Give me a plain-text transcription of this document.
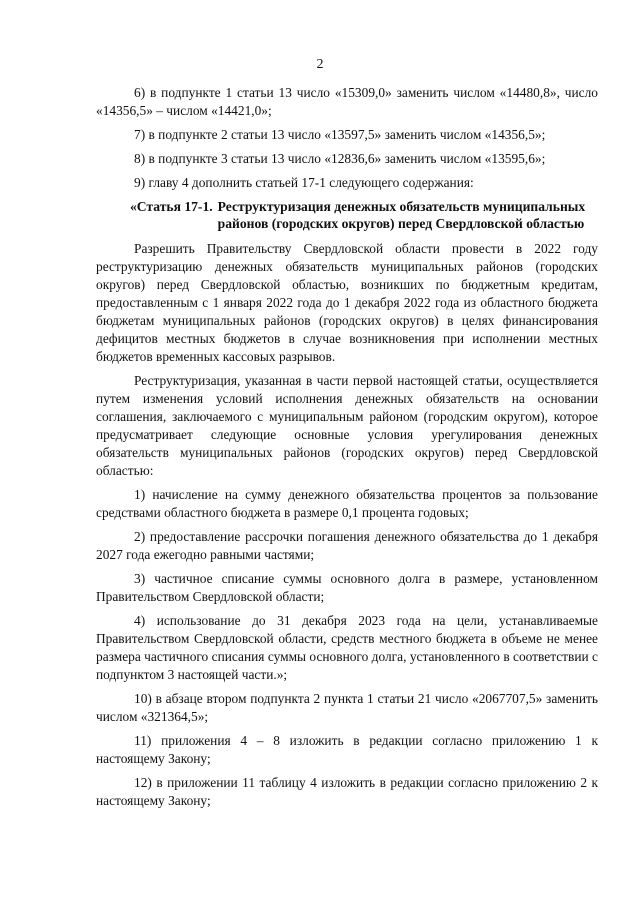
2

6) в подпункте 1 статьи 13 число «15309,0» заменить числом «14480,8», число «14356,5» – числом «14421,0»;

7) в подпункте 2 статьи 13 число «13597,5» заменить числом «14356,5»;

8) в подпункте 3 статьи 13 число «12836,6» заменить числом «13595,6»;

9) главу 4 дополнить статьей 17-1 следующего содержания:

«Статья 17-1. Реструктуризация денежных обязательств муниципальных районов (городских округов) перед Свердловской областью

Разрешить Правительству Свердловской области провести в 2022 году реструктуризацию денежных обязательств муниципальных районов (городских округов) перед Свердловской областью, возникших по бюджетным кредитам, предоставленным с 1 января 2022 года до 1 декабря 2022 года из областного бюджета бюджетам муниципальных районов (городских округов) в целях финансирования дефицитов местных бюджетов в случае возникновения при исполнении местных бюджетов временных кассовых разрывов.

Реструктуризация, указанная в части первой настоящей статьи, осуществляется путем изменения условий исполнения денежных обязательств на основании соглашения, заключаемого с муниципальным районом (городским округом), которое предусматривает следующие основные условия урегулирования денежных обязательств муниципальных районов (городских округов) перед Свердловской областью:

1) начисление на сумму денежного обязательства процентов за пользование средствами областного бюджета в размере 0,1 процента годовых;

2) предоставление рассрочки погашения денежного обязательства до 1 декабря 2027 года ежегодно равными частями;

3) частичное списание суммы основного долга в размере, установленном Правительством Свердловской области;

4) использование до 31 декабря 2023 года на цели, устанавливаемые Правительством Свердловской области, средств местного бюджета в объеме не менее размера частичного списания суммы основного долга, установленного в соответствии с подпунктом 3 настоящей части.»;

10) в абзаце втором подпункта 2 пункта 1 статьи 21 число «2067707,5» заменить числом «321364,5»;

11) приложения 4 – 8 изложить в редакции согласно приложению 1 к настоящему Закону;

12) в приложении 11 таблицу 4 изложить в редакции согласно приложению 2 к настоящему Закону;
